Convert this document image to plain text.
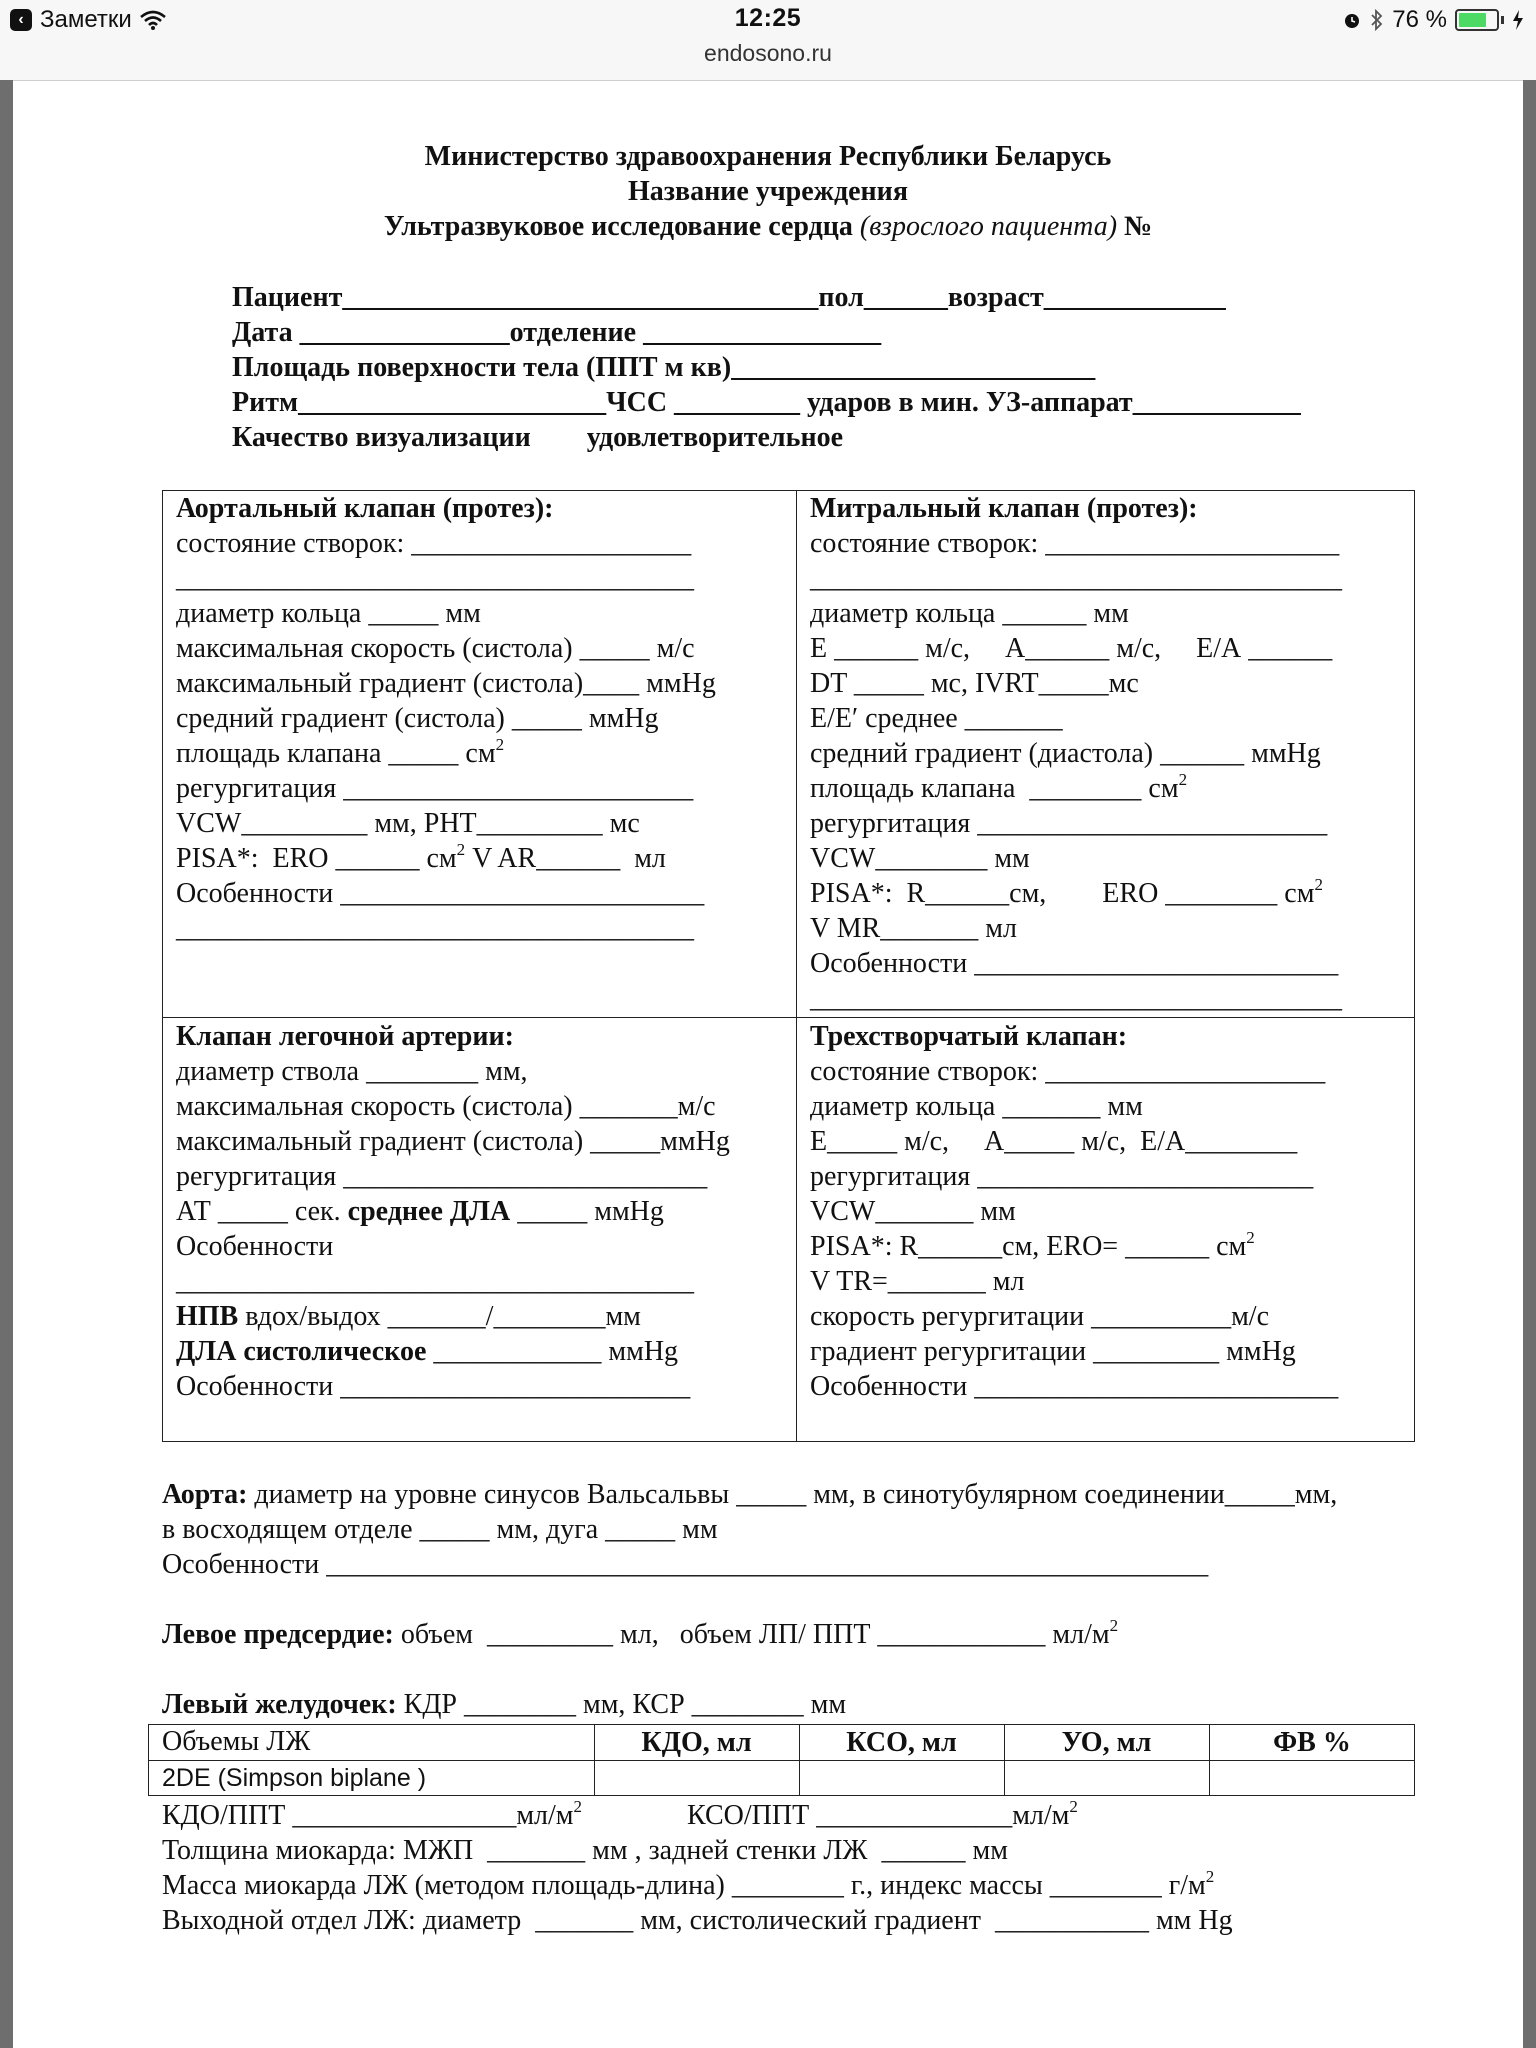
‹ Заметки	12:25
endosono.ru
76 %
Министерство здравоохранения Республики Беларусь
Название учреждения
Ультразвуковое исследование сердца (взрослого пациента) №
Пациент__________________________________пол______возраст_____________
Дата _______________отделение _________________
Площадь поверхности тела (ППТ м кв)__________________________
Ритм______________________ЧСС _________ ударов в мин. УЗ-аппарат____________
Качество визуализации        удовлетворительное
Аортальный клапан (протез):
состояние створок: ____________________
_____________________________________
диаметр кольца _____ мм
максимальная скорость (систола) _____ м/с
максимальный градиент (систола)____ ммHg
средний градиент (систола) _____ ммHg
площадь клапана _____ $см^2$
регургитация _________________________
VCW_________ мм, PHT_________ мс
PISA*:  ERO ______ $см^2$ V AR______  мл
Особенности __________________________
_____________________________________
Митральный клапан (протез):
состояние створок: _____________________
______________________________________
диаметр кольца ______ мм
Е ______ м/с,     А______ м/с,     Е/А ______
DT _____ мс, IVRT_____мс
Е/Е′ среднее _______
средний градиент (диастола) ______ ммHg
площадь клапана  ________ $см^2$
регургитация _________________________
VCW________ мм
PISA*:  R______см,        ERO ________ $см^2$
V MR_______ мл
Особенности __________________________
______________________________________
Клапан легочной артерии:
диаметр ствола ________ мм,
максимальная скорость (систола) _______м/с
максимальный градиент (систола) _____ммHg
регургитация __________________________
АТ _____ сек. среднее ДЛА _____ ммHg
Особенности
_____________________________________
НПВ вдох/выдох _______/________мм
ДЛА систолическое ____________ ммHg
Особенности _________________________
Трехстворчатый клапан:
состояние створок: ____________________
диаметр кольца _______ мм
Е_____ м/с,     А_____ м/с,  Е/А________
регургитация ________________________
VCW_______ мм
PISA*: R______см, ERO= ______ $см^2$
V TR=_______ мл
скорость регургитации __________м/с
градиент регургитации _________ ммHg
Особенности __________________________
Аорта: диаметр на уровне синусов Вальсальвы _____ мм, в синотубулярном соединении_____мм,
в восходящем отделе _____ мм, дуга _____ мм
Особенности _______________________________________________________________
Левое предсердие: объем  _________ мл,   объем ЛП/ ППТ ____________ $мл/м^2$
Левый желудочек: КДР ________ мм, КСР ________ мм
Объемы ЛЖ	КДО, мл	КСО, мл	УО, мл	ФВ %
2DE (Simpson biplane )
КДО/ППТ $\_\_\_\_\_\_\_\_\_\_\_\_\_\_\_\_мл/м^2$	КСО/ППТ $\_\_\_\_\_\_\_\_\_\_\_\_\_\_мл/м^2$
Толщина миокарда: МЖП  _______ мм , задней стенки ЛЖ  ______ мм
Масса миокарда ЛЖ (методом площадь-длина) ________ г., индекс массы ________ $г/м^2$
Выходной отдел ЛЖ: диаметр  _______ мм, систолический градиент  ___________ мм Hg
